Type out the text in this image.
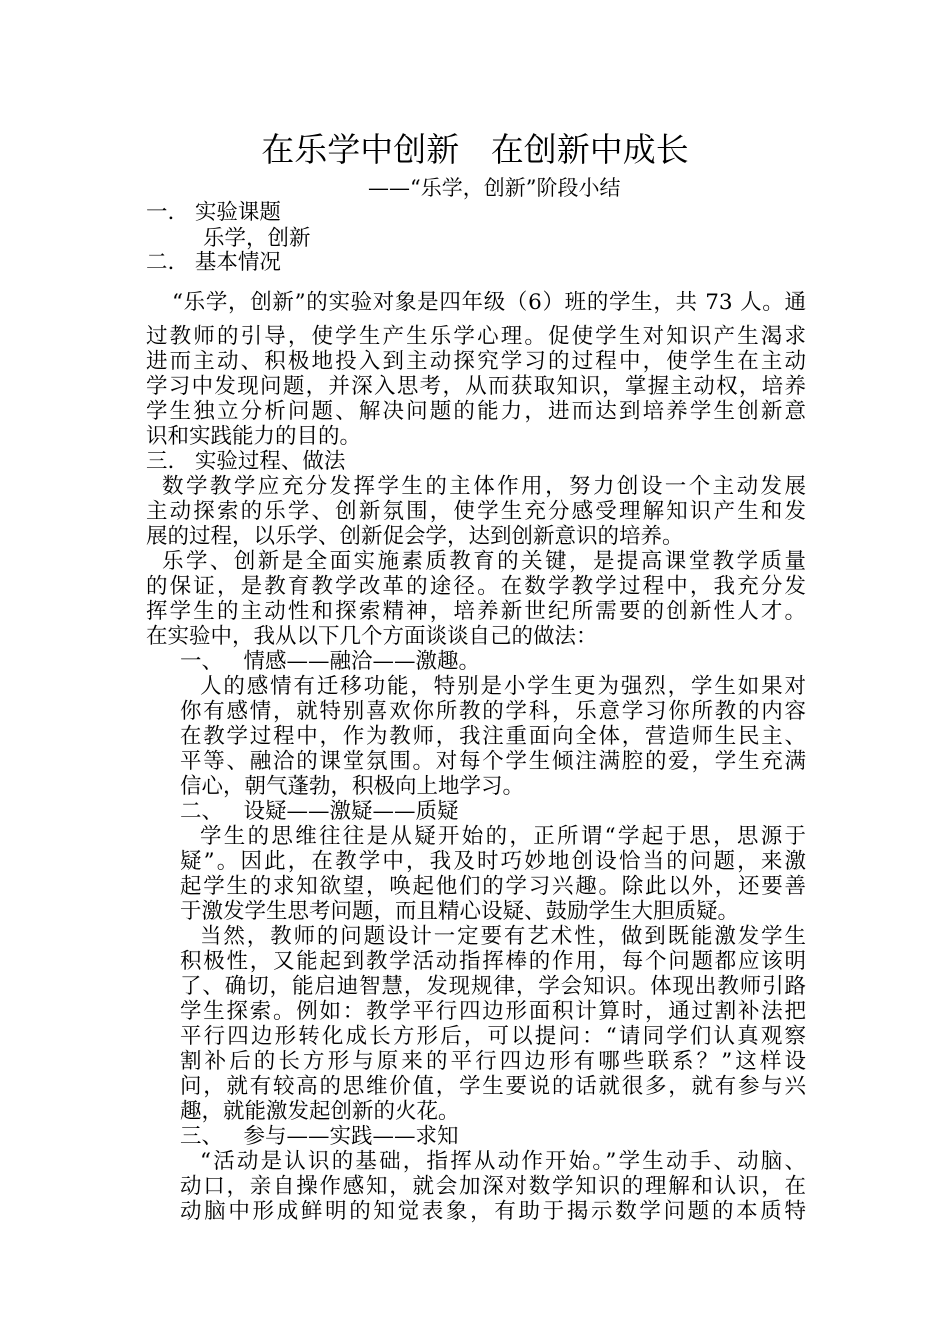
在乐学中创新   在创新中成长
——“乐学，创新”阶段小结
一.   实验课题
乐学，创新
二.   基本情况
“乐学，创新”的实验对象是四年级（6）班的学生，共 73 人。通
过教师的引导，使学生产生乐学心理。促使学生对知识产生渴求
进而主动、积极地投入到主动探究学习的过程中，使学生在主动
学习中发现问题，并深入思考，从而获取知识，掌握主动权，培养
学生独立分析问题、解决问题的能力，进而达到培养学生创新意
识和实践能力的目的。
三.   实验过程、做法
数学教学应充分发挥学生的主体作用，努力创设一个主动发展
主动探索的乐学、创新氛围，使学生充分感受理解知识产生和发
展的过程，以乐学、创新促会学，达到创新意识的培养。
乐学、创新是全面实施素质教育的关键，是提高课堂教学质量
的保证，是教育教学改革的途径。在数学教学过程中，我充分发
挥学生的主动性和探索精神，培养新世纪所需要的创新性人才。
在实验中，我从以下几个方面谈谈自己的做法：
一、   情感——融洽——激趣。
人的感情有迁移功能，特别是小学生更为强烈，学生如果对
你有感情，就特别喜欢你所教的学科，乐意学习你所教的内容
在教学过程中，作为教师，我注重面向全体，营造师生民主、
平等、融洽的课堂氛围。对每个学生倾注满腔的爱，学生充满
信心，朝气蓬勃，积极向上地学习。
二、   设疑——激疑——质疑
学生的思维往往是从疑开始的，正所谓“学起于思，思源于
疑”。因此，在教学中，我及时巧妙地创设恰当的问题，来激
起学生的求知欲望，唤起他们的学习兴趣。除此以外，还要善
于激发学生思考问题，而且精心设疑、鼓励学生大胆质疑。
当然，教师的问题设计一定要有艺术性，做到既能激发学生
积极性，又能起到教学活动指挥棒的作用，每个问题都应该明
了、确切，能启迪智慧，发现规律，学会知识。体现出教师引路
学生探索。例如：教学平行四边形面积计算时，通过割补法把
平行四边形转化成长方形后，可以提问：“请同学们认真观察
割补后的长方形与原来的平行四边形有哪些联系？”这样设
问，就有较高的思维价值，学生要说的话就很多，就有参与兴
趣，就能激发起创新的火花。
三、   参与——实践——求知
“活动是认识的基础，指挥从动作开始。”学生动手、动脑、
动口，亲自操作感知，就会加深对数学知识的理解和认识，在
动脑中形成鲜明的知觉表象，有助于揭示数学问题的本质特
